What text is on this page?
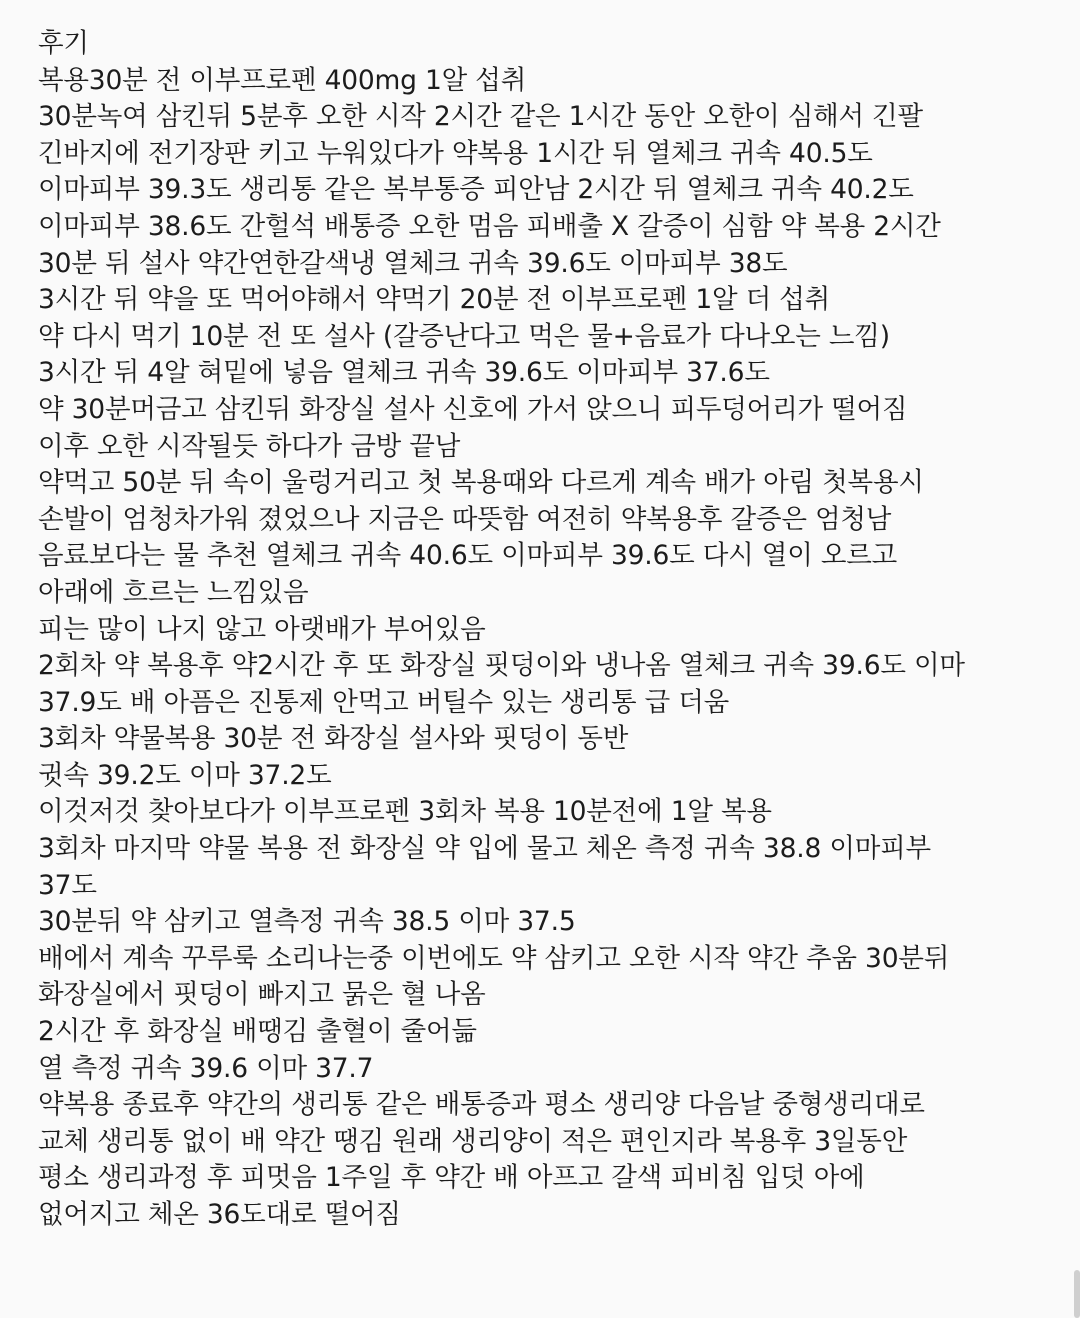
후기
복용30분 전 이부프로펜 400mg 1알 섭취
30분녹여 삼킨뒤 5분후 오한 시작 2시간 같은 1시간 동안 오한이 심해서 긴팔
긴바지에 전기장판 키고 누워있다가 약복용 1시간 뒤 열체크 귀속 40.5도
이마피부 39.3도 생리통 같은 복부통증 피안남 2시간 뒤 열체크 귀속 40.2도
이마피부 38.6도 간헐석 배통증 오한 멈음 피배출 X 갈증이 심함 약 복용 2시간
30분 뒤 설사 약간연한갈색냉 열체크 귀속 39.6도 이마피부 38도
3시간 뒤 약을 또 먹어야해서 약먹기 20분 전 이부프로펜 1알 더 섭취
약 다시 먹기 10분 전 또 설사 (갈증난다고 먹은 물+음료가 다나오는 느낌)
3시간 뒤 4알 혀밑에 넣음 열체크 귀속 39.6도 이마피부 37.6도
약 30분머금고 삼킨뒤 화장실 설사 신호에 가서 앉으니 피두덩어리가 떨어짐
이후 오한 시작될듯 하다가 금방 끝남
약먹고 50분 뒤 속이 울렁거리고 첫 복용때와 다르게 계속 배가 아림 첫복용시
손발이 엄청차가워 졌었으나 지금은 따뜻함 여전히 약복용후 갈증은 엄청남
음료보다는 물 추천 열체크 귀속 40.6도 이마피부 39.6도 다시 열이 오르고
아래에 흐르는 느낌있음
피는 많이 나지 않고 아랫배가 부어있음
2회차 약 복용후 약2시간 후 또 화장실 핏덩이와 냉나옴 열체크 귀속 39.6도 이마
37.9도 배 아픔은 진통제 안먹고 버틸수 있는 생리통 급 더움
3회차 약물복용 30분 전 화장실 설사와 핏덩이 동반
귓속 39.2도 이마 37.2도
이것저것 찾아보다가 이부프로펜 3회차 복용 10분전에 1알 복용
3회차 마지막 약물 복용 전 화장실 약 입에 물고 체온 측정 귀속 38.8 이마피부
37도
30분뒤 약 삼키고 열측정 귀속 38.5 이마 37.5
배에서 계속 꾸루룩 소리나는중 이번에도 약 삼키고 오한 시작 약간 추움 30분뒤
화장실에서 핏덩이 빠지고 묽은 혈 나옴
2시간 후 화장실 배땡김 출혈이 줄어듦
열 측정 귀속 39.6 이마 37.7
약복용 종료후 약간의 생리통 같은 배통증과 평소 생리양 다음날 중형생리대로
교체 생리통 없이 배 약간 땡김 원래 생리양이 적은 편인지라 복용후 3일동안
평소 생리과정 후 피멋음 1주일 후 약간 배 아프고 갈색 피비침 입덧 아에
없어지고 체온 36도대로 떨어짐
